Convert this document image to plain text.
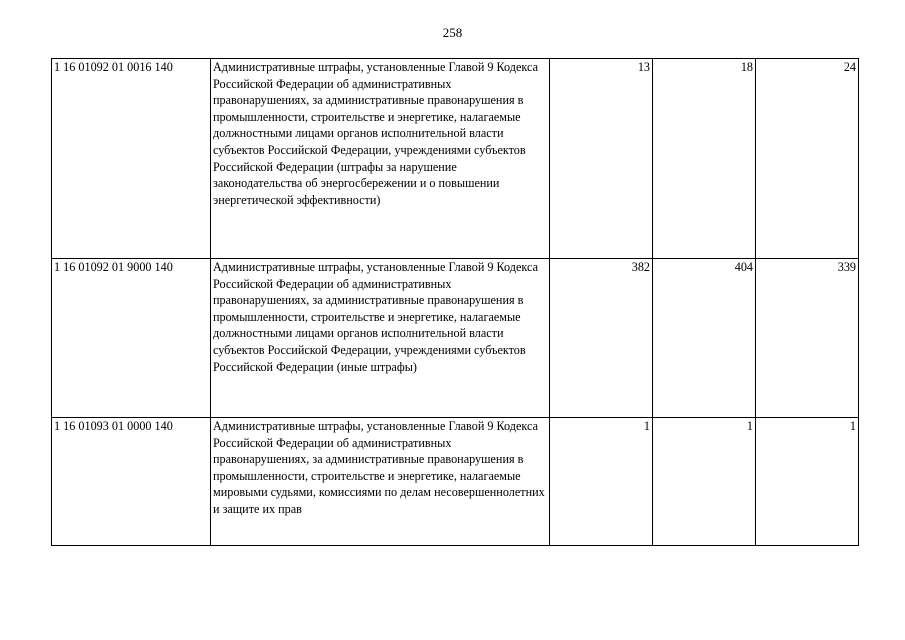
258
1 16 01092 01 0016 140	Административные штрафы, установленные Главой 9 Кодекса Российской Федерации об административных правонарушениях, за административные правонарушения в промышленности, строительстве и энергетике, налагаемые должностными лицами органов исполнительной власти субъектов Российской Федерации, учреждениями субъектов Российской Федерации (штрафы за нарушение законодательства об энергосбережении и о повышении энергетической эффективности)	13	18	24
1 16 01092 01 9000 140	Административные штрафы, установленные Главой 9 Кодекса Российской Федерации об административных правонарушениях, за административные правонарушения в промышленности, строительстве и энергетике, налагаемые должностными лицами органов исполнительной власти субъектов Российской Федерации, учреждениями субъектов Российской Федерации (иные штрафы)	382	404	339
1 16 01093 01 0000 140	Административные штрафы, установленные Главой 9 Кодекса Российской Федерации об административных правонарушениях, за административные правонарушения в промышленности, строительстве и энергетике, налагаемые мировыми судьями, комиссиями по делам несовершеннолетних и защите их прав	1	1	1
